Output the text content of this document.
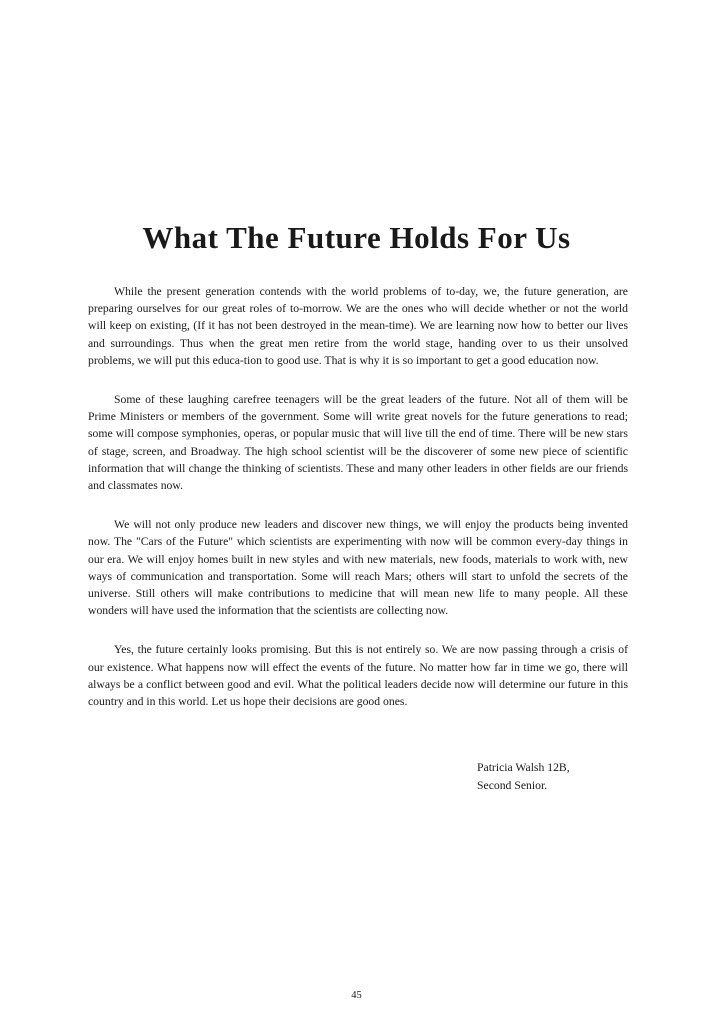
What The Future Holds For Us

While the present generation contends with the world problems of to-day, we, the future generation, are preparing ourselves for our great roles of to-morrow. We are the ones who will decide whether or not the world will keep on existing, (If it has not been destroyed in the mean-time). We are learning now how to better our lives and surroundings. Thus when the great men retire from the world stage, handing over to us their unsolved problems, we will put this educa-tion to good use. That is why it is so important to get a good education now.

Some of these laughing carefree teenagers will be the great leaders of the future. Not all of them will be Prime Ministers or members of the government. Some will write great novels for the future generations to read; some will compose symphonies, operas, or popular music that will live till the end of time. There will be new stars of stage, screen, and Broadway. The high school scientist will be the discoverer of some new piece of scientific information that will change the thinking of scientists. These and many other leaders in other fields are our friends and classmates now.

We will not only produce new leaders and discover new things, we will enjoy the products being invented now. The "Cars of the Future" which scientists are experimenting with now will be common every-day things in our era. We will enjoy homes built in new styles and with new materials, new foods, materials to work with, new ways of communication and transportation. Some will reach Mars; others will start to unfold the secrets of the universe. Still others will make contributions to medicine that will mean new life to many people. All these wonders will have used the information that the scientists are collecting now.

Yes, the future certainly looks promising. But this is not entirely so. We are now passing through a crisis of our existence. What happens now will effect the events of the future. No matter how far in time we go, there will always be a conflict between good and evil. What the political leaders decide now will determine our future in this country and in this world. Let us hope their decisions are good ones.

Patricia Walsh 12B,
Second Senior.
45
